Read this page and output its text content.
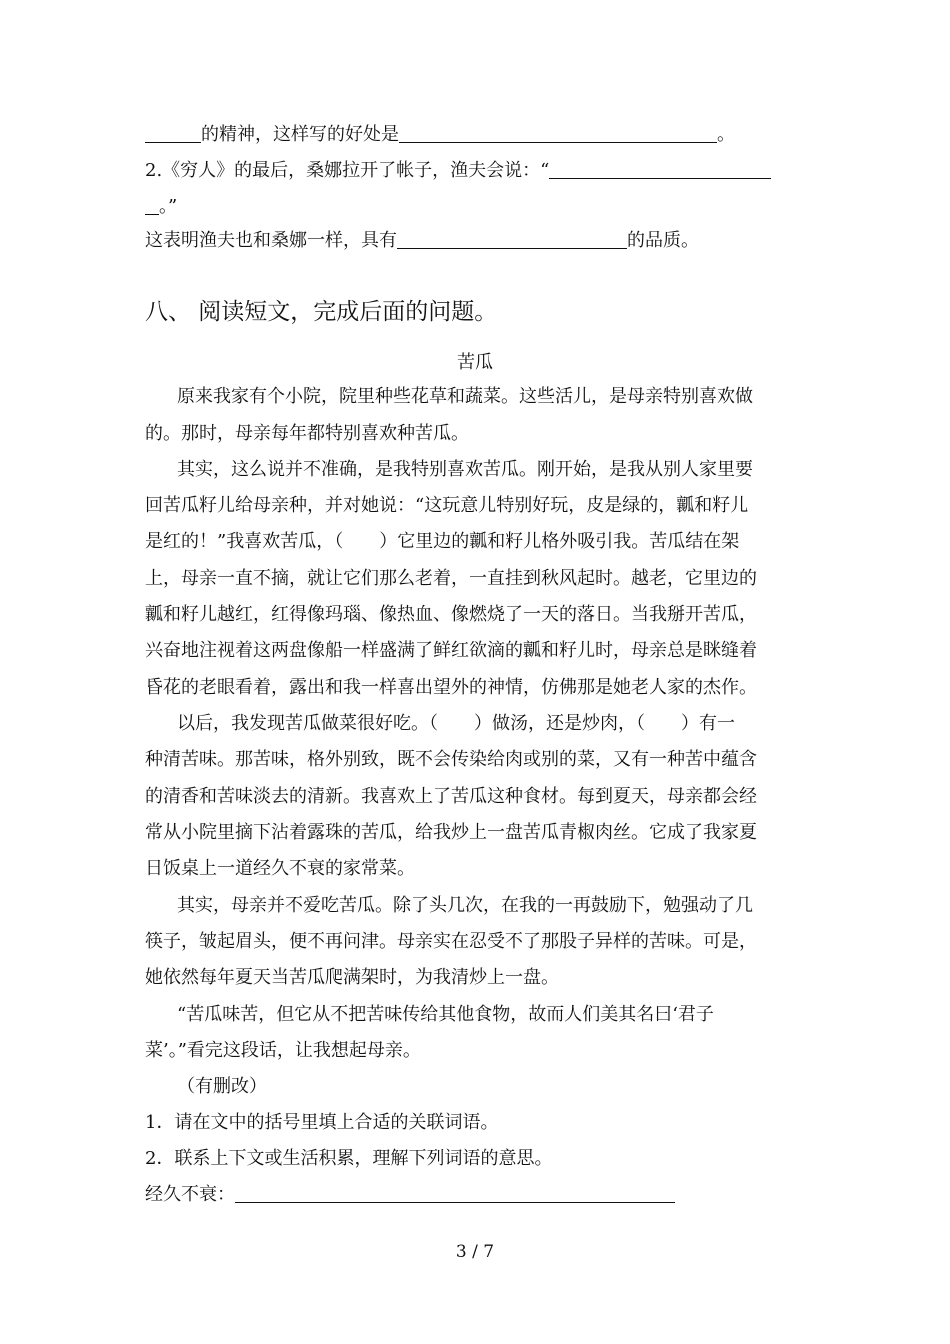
的精神，这样写的好处是	。
2.《穷人》的最后，桑娜拉开了帐子，渔夫会说：“
。”
这表明渔夫也和桑娜一样，具有	的品质。
八、 阅读短文，完成后面的问题。
苦瓜
原来我家有个小院，院里种些花草和蔬菜。这些活儿，是母亲特别喜欢做
的。那时，母亲每年都特别喜欢种苦瓜。
其实，这么说并不准确，是我特别喜欢苦瓜。刚开始，是我从别人家里要
回苦瓜籽儿给母亲种，并对她说：“这玩意儿特别好玩，皮是绿的，瓤和籽儿
是红的！”我喜欢苦瓜，（　　）它里边的瓤和籽儿格外吸引我。苦瓜结在架
上，母亲一直不摘，就让它们那么老着，一直挂到秋风起时。越老，它里边的
瓤和籽儿越红，红得像玛瑙、像热血、像燃烧了一天的落日。当我掰开苦瓜，
兴奋地注视着这两盘像船一样盛满了鲜红欲滴的瓤和籽儿时，母亲总是眯缝着
昏花的老眼看着，露出和我一样喜出望外的神情，仿佛那是她老人家的杰作。
以后，我发现苦瓜做菜很好吃。（　　）做汤，还是炒肉，（　　）有一
种清苦味。那苦味，格外别致，既不会传染给肉或别的菜，又有一种苦中蕴含
的清香和苦味淡去的清新。我喜欢上了苦瓜这种食材。每到夏天，母亲都会经
常从小院里摘下沾着露珠的苦瓜，给我炒上一盘苦瓜青椒肉丝。它成了我家夏
日饭桌上一道经久不衰的家常菜。
其实，母亲并不爱吃苦瓜。除了头几次，在我的一再鼓励下，勉强动了几
筷子，皱起眉头，便不再问津。母亲实在忍受不了那股子异样的苦味。可是，
她依然每年夏天当苦瓜爬满架时，为我清炒上一盘。
“苦瓜味苦，但它从不把苦味传给其他食物，故而人们美其名曰‘君子
菜’。”看完这段话，让我想起母亲。
（有删改）
1．请在文中的括号里填上合适的关联词语。
2．联系上下文或生活积累，理解下列词语的意思。
经久不衰：
3 / 7
